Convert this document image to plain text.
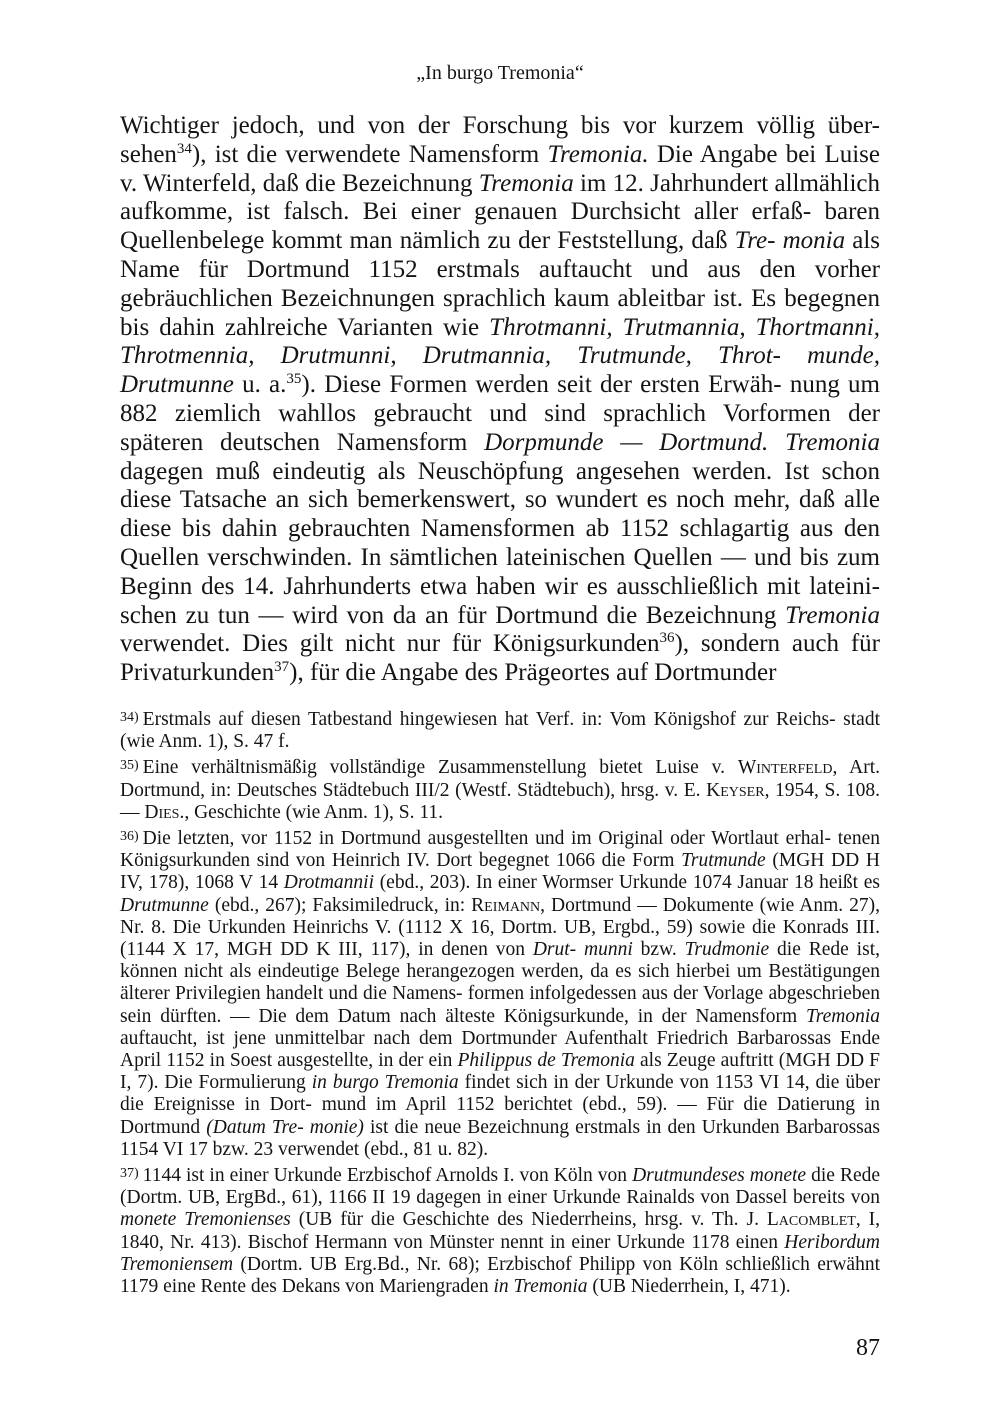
„In burgo Tremonia“

Wichtiger jedoch, und von der Forschung bis vor kurzem völlig über- sehen$^{34}$), ist die verwendete Namensform Tremonia. Die Angabe bei Luise v. Winterfeld, daß die Bezeichnung Tremonia im 12. Jahrhundert allmählich aufkomme, ist falsch. Bei einer genauen Durchsicht aller erfaß- baren Quellenbelege kommt man nämlich zu der Feststellung, daß Tre- monia als Name für Dortmund 1152 erstmals auftaucht und aus den vorher gebräuchlichen Bezeichnungen sprachlich kaum ableitbar ist. Es begegnen bis dahin zahlreiche Varianten wie Throtmanni, Trutmannia, Thortmanni, Throtmennia, Drutmunni, Drutmannia, Trutmunde, Throt- munde, Drutmunne u. a.$^{35}$). Diese Formen werden seit der ersten Erwäh- nung um 882 ziemlich wahllos gebraucht und sind sprachlich Vorformen der späteren deutschen Namensform Dorpmunde — Dortmund. Tremonia dagegen muß eindeutig als Neuschöpfung angesehen werden. Ist schon diese Tatsache an sich bemerkenswert, so wundert es noch mehr, daß alle diese bis dahin gebrauchten Namensformen ab 1152 schlagartig aus den Quellen verschwinden. In sämtlichen lateinischen Quellen — und bis zum Beginn des 14. Jahrhunderts etwa haben wir es ausschließlich mit lateini- schen zu tun — wird von da an für Dortmund die Bezeichnung Tremonia verwendet. Dies gilt nicht nur für Königsurkunden$^{36}$), sondern auch für Privaturkunden$^{37}$), für die Angabe des Prägeortes auf Dortmunder

$^{34)}$ Erstmals auf diesen Tatbestand hingewiesen hat Verf. in: Vom Königshof zur Reichs- stadt (wie Anm. 1), S. 47 f.

$^{35)}$ Eine verhältnismäßig vollständige Zusammenstellung bietet Luise v. Winterfeld, Art. Dortmund, in: Deutsches Städtebuch III/2 (Westf. Städtebuch), hrsg. v. E. Keyser, 1954, S. 108. — Dies., Geschichte (wie Anm. 1), S. 11.

$^{36)}$ Die letzten, vor 1152 in Dortmund ausgestellten und im Original oder Wortlaut erhal- tenen Königsurkunden sind von Heinrich IV. Dort begegnet 1066 die Form Trutmunde (MGH DD H IV, 178), 1068 V 14 Drotmannii (ebd., 203). In einer Wormser Urkunde 1074 Januar 18 heißt es Drutmunne (ebd., 267); Faksimiledruck, in: Reimann, Dortmund — Dokumente (wie Anm. 27), Nr. 8. Die Urkunden Heinrichs V. (1112 X 16, Dortm. UB, Ergbd., 59) sowie die Konrads III. (1144 X 17, MGH DD K III, 117), in denen von Drut- munni bzw. Trudmonie die Rede ist, können nicht als eindeutige Belege herangezogen werden, da es sich hierbei um Bestätigungen älterer Privilegien handelt und die Namens- formen infolgedessen aus der Vorlage abgeschrieben sein dürften. — Die dem Datum nach älteste Königsurkunde, in der Namensform Tremonia auftaucht, ist jene unmittelbar nach dem Dortmunder Aufenthalt Friedrich Barbarossas Ende April 1152 in Soest ausgestellte, in der ein Philippus de Tremonia als Zeuge auftritt (MGH DD F I, 7). Die Formulierung in burgo Tremonia findet sich in der Urkunde von 1153 VI 14, die über die Ereignisse in Dort- mund im April 1152 berichtet (ebd., 59). — Für die Datierung in Dortmund (Datum Tre- monie) ist die neue Bezeichnung erstmals in den Urkunden Barbarossas 1154 VI 17 bzw. 23 verwendet (ebd., 81 u. 82).

$^{37)}$ 1144 ist in einer Urkunde Erzbischof Arnolds I. von Köln von Drutmundeses monete die Rede (Dortm. UB, ErgBd., 61), 1166 II 19 dagegen in einer Urkunde Rainalds von Dassel bereits von monete Tremonienses (UB für die Geschichte des Niederrheins, hrsg. v. Th. J. Lacomblet, I, 1840, Nr. 413). Bischof Hermann von Münster nennt in einer Urkunde 1178 einen Heribordum Tremoniensem (Dortm. UB Erg.Bd., Nr. 68); Erzbischof Philipp von Köln schließlich erwähnt 1179 eine Rente des Dekans von Mariengraden in Tremonia (UB Niederrhein, I, 471).

87
